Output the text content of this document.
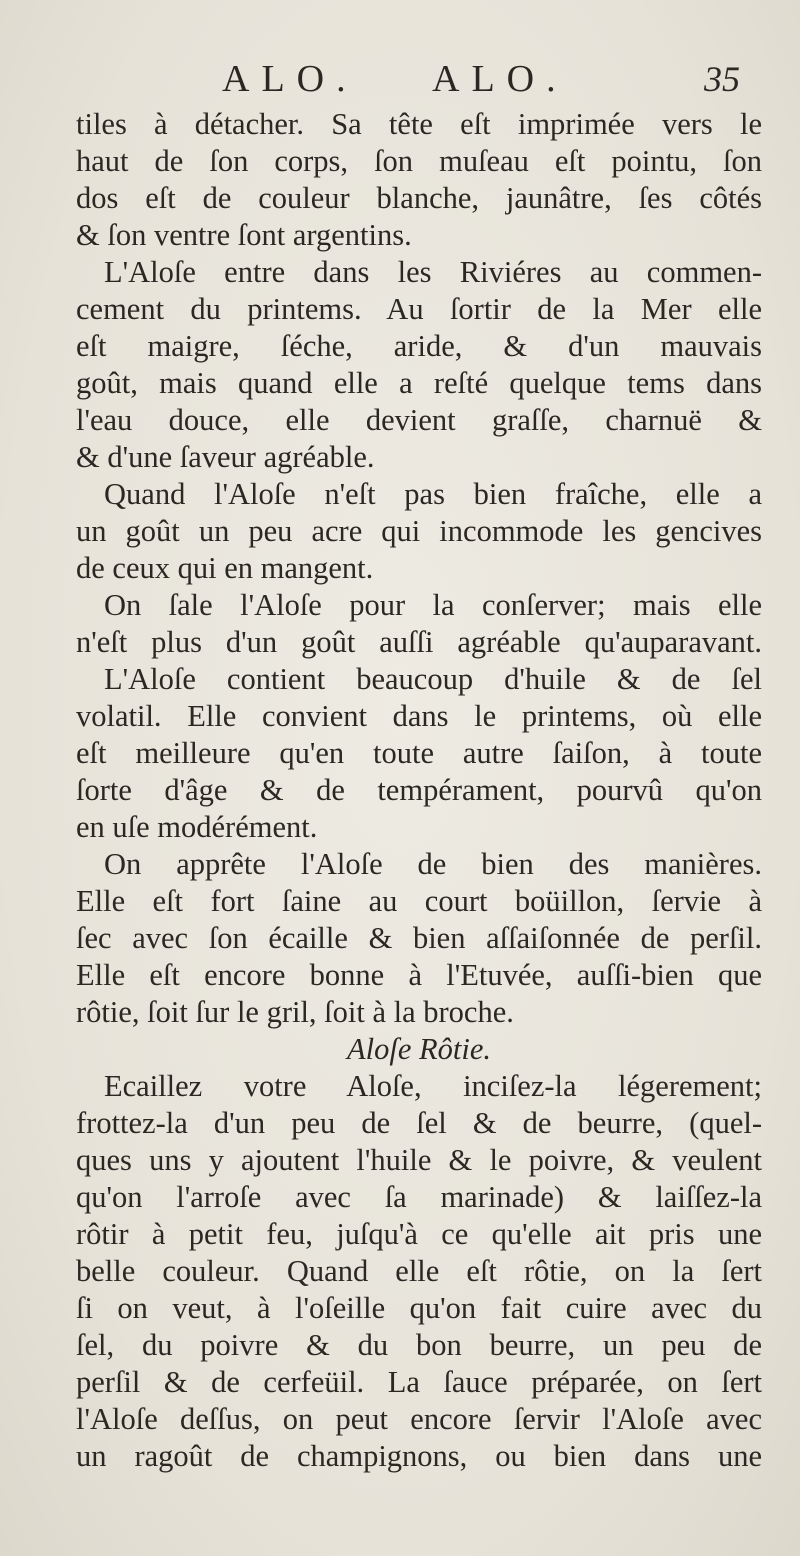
ALO. ALO.	35
tiles à détacher. Sa tête eſt imprimée vers le
haut de ſon corps, ſon muſeau eſt pointu, ſon
dos eſt de couleur blanche, jaunâtre, ſes côtés
& ſon ventre ſont argentins.
L'Aloſe entre dans les Riviéres au commen-
cement du printems. Au ſortir de la Mer elle
eſt maigre, ſéche, aride, & d'un mauvais
goût, mais quand elle a reſté quelque tems dans
l'eau douce, elle devient graſſe, charnuë &
& d'une ſaveur agréable.
Quand l'Aloſe n'eſt pas bien fraîche, elle a
un goût un peu acre qui incommode les gencives
de ceux qui en mangent.
On ſale l'Aloſe pour la conſerver; mais elle
n'eſt plus d'un goût auſſi agréable qu'auparavant.
L'Aloſe contient beaucoup d'huile & de ſel
volatil. Elle convient dans le printems, où elle
eſt meilleure qu'en toute autre ſaiſon, à toute
ſorte d'âge & de tempérament, pourvû qu'on
en uſe modérément.
On apprête l'Aloſe de bien des manières.
Elle eſt fort ſaine au court boüillon, ſervie à
ſec avec ſon écaille & bien aſſaiſonnée de perſil.
Elle eſt encore bonne à l'Etuvée, auſſi-bien que
rôtie, ſoit ſur le gril, ſoit à la broche.
Aloſe Rôtie.
Ecaillez votre Aloſe, inciſez-la légerement;
frottez-la d'un peu de ſel & de beurre, (quel-
ques uns y ajoutent l'huile & le poivre, & veulent
qu'on l'arroſe avec ſa marinade) & laiſſez-la
rôtir à petit feu, juſqu'à ce qu'elle ait pris une
belle couleur. Quand elle eſt rôtie, on la ſert
ſi on veut, à l'oſeille qu'on fait cuire avec du
ſel, du poivre & du bon beurre, un peu de
perſil & de cerfeüil. La ſauce préparée, on ſert
l'Aloſe deſſus, on peut encore ſervir l'Aloſe avec
un ragoût de champignons, ou bien dans une
